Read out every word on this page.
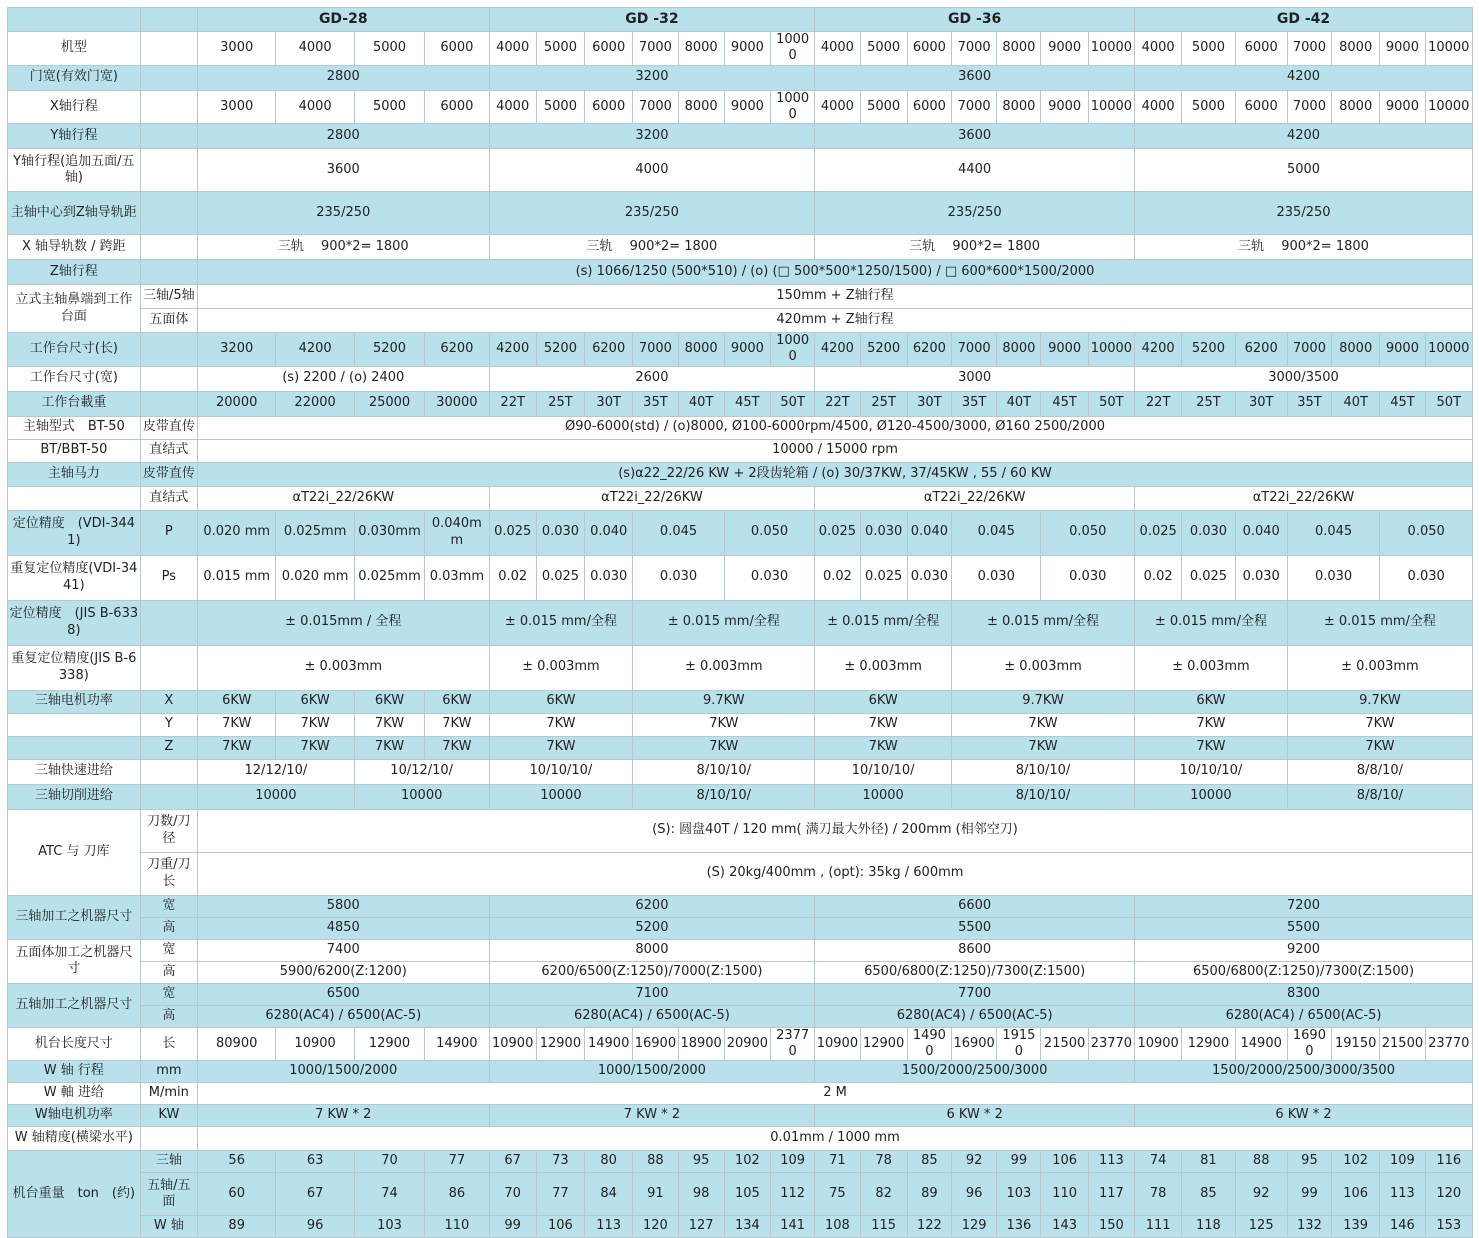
		GD-28				GD -32							GD -36							GD -42						
机型		3000	4000	5000	6000	4000	5000	6000	7000	8000	9000	10000	4000	5000	6000	7000	8000	9000	10000	4000	5000	6000	7000	8000	9000	10000
门宽(有效门宽)		2800				3200							3600							4200						
X轴行程		3000	4000	5000	6000	4000	5000	6000	7000	8000	9000	10000	4000	5000	6000	7000	8000	9000	10000	4000	5000	6000	7000	8000	9000	10000
Y轴行程		2800				3200							3600							4200						
Y轴行程(追加五面/五轴)		3600				4000							4400							5000						
主轴中心到Z轴导轨距		235/250				235/250							235/250							235/250						
X 轴导轨数 / 跨距		三轨　 900*2= 1800				三轨　 900*2= 1800							三轨　 900*2= 1800							三轨　 900*2= 1800						
Z轴行程		(s) 1066/1250 (500*510) / (o) (□ 500*500*1250/1500) / □ 600*600*1500/2000																								
立式主轴鼻端到工作台面	三轴/5轴	150mm + Z轴行程																								
	五面体	420mm + Z轴行程																								
工作台尺寸(长)		3200	4200	5200	6200	4200	5200	6200	7000	8000	9000	10000	4200	5200	6200	7000	8000	9000	10000	4200	5200	6200	7000	8000	9000	10000
工作台尺寸(宽)		(s) 2200 / (o) 2400				2600							3000							3000/3500						
工作台載重		20000	22000	25000	30000	22T	25T	30T	35T	40T	45T	50T	22T	25T	30T	35T	40T	45T	50T	22T	25T	30T	35T	40T	45T	50T
主轴型式　BT-50	皮带直传	Ø90-6000(std) / (o)8000, Ø100-6000rpm/4500, Ø120-4500/3000, Ø160 2500/2000																								
BT/BBT-50	直结式	10000 / 15000 rpm																								
主轴马力	皮带直传	(s)α22_22/26 KW + 2段齿轮箱 / (o) 30/37KW, 37/45KW , 55 / 60 KW																								
	直结式	αT22i_22/26KW				αT22i_22/26KW							αT22i_22/26KW							αT22i_22/26KW						
定位精度　(VDI-3441)	P	0.020 mm	0.025mm	0.030mm	0.040mm	0.025	0.030	0.040	0.045		0.050		0.025	0.030	0.040	0.045		0.050		0.025	0.030	0.040	0.045		0.050	
重复定位精度(VDI-3441)	Ps	0.015 mm	0.020 mm	0.025mm	0.03mm	0.02	0.025	0.030	0.030		0.030		0.02	0.025	0.030	0.030		0.030		0.02	0.025	0.030	0.030		0.030	
定位精度　(JIS B-6338)		± 0.015mm / 全程				± 0.015 mm/全程			± 0.015 mm/全程				± 0.015 mm/全程			± 0.015 mm/全程				± 0.015 mm/全程			± 0.015 mm/全程			
重复定位精度(JIS B-6338)		± 0.003mm				± 0.003mm			± 0.003mm				± 0.003mm			± 0.003mm				± 0.003mm			± 0.003mm			
三轴电机功率	X	6KW	6KW	6KW	6KW	6KW			9.7KW				6KW			9.7KW				6KW			9.7KW			
	Y	7KW	7KW	7KW	7KW	7KW			7KW				7KW			7KW				7KW			7KW			
	Z	7KW	7KW	7KW	7KW	7KW			7KW				7KW			7KW				7KW			7KW			
三轴快速进给		12/12/10/		10/12/10/		10/10/10/			8/10/10/				10/10/10/			8/10/10/				10/10/10/			8/8/10/			
三轴切削进给		10000		10000		10000			8/10/10/				10000			8/10/10/				10000			8/8/10/			
ATC 与 刀库	刀数/刀径	(S): 圆盘40T / 120 mm( 满刀最大外径) / 200mm (相邻空刀)																								
	刀重/刀长	(S) 20kg/400mm , (opt): 35kg / 600mm																								
三轴加工之机器尺寸	宽	5800				6200							6600							7200						
	高	4850				5200							5500							5500						
五面体加工之机器尺寸	宽	7400				8000							8600							9200						
	高	5900/6200(Z:1200)				6200/6500(Z:1250)/7000(Z:1500)							6500/6800(Z:1250)/7300(Z:1500)							6500/6800(Z:1250)/7300(Z:1500)						
五轴加工之机器尺寸	宽	6500				7100							7700							8300						
	高	6280(AC4) / 6500(AC-5)				6280(AC4) / 6500(AC-5)							6280(AC4) / 6500(AC-5)							6280(AC4) / 6500(AC-5)						
机台长度尺寸	长	80900	10900	12900	14900	10900	12900	14900	16900	18900	20900	23770	10900	12900	14900	16900	19150	21500	23770	10900	12900	14900	16900	19150	21500	23770
W 轴 行程	mm	1000/1500/2000				1000/1500/2000							1500/2000/2500/3000							1500/2000/2500/3000/3500						
W 軸 进给	M/min	2 M																								
W轴电机功率	KW	7 KW * 2				7 KW * 2							6 KW * 2							6 KW * 2						
W 轴精度(横梁水平)		0.01mm / 1000 mm																								
机台重量　ton　(约)	三轴	56	63	70	77	67	73	80	88	95	102	109	71	78	85	92	99	106	113	74	81	88	95	102	109	116
	五轴/五面	60	67	74	86	70	77	84	91	98	105	112	75	82	89	96	103	110	117	78	85	92	99	106	113	120
	W 轴	89	96	103	110	99	106	113	120	127	134	141	108	115	122	129	136	143	150	111	118	125	132	139	146	153
